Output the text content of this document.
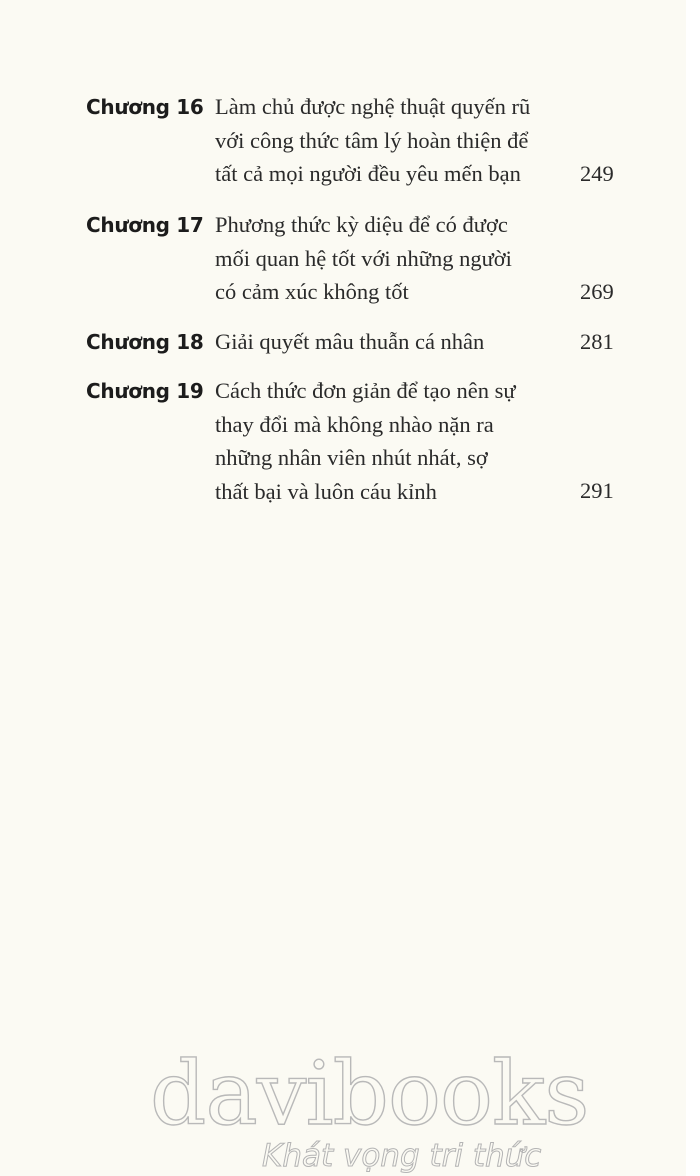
Chương 16 Làm chủ được nghệ thuật quyến rũ
với công thức tâm lý hoàn thiện để
tất cả mọi người đều yêu mến bạn	249
Chương 17 Phương thức kỳ diệu để có được
mối quan hệ tốt với những người
có cảm xúc không tốt	269
Chương 18 Giải quyết mâu thuẫn cá nhân	281
Chương 19 Cách thức đơn giản để tạo nên sự
thay đổi mà không nhào nặn ra
những nhân viên nhút nhát, sợ
thất bại và luôn cáu kỉnh	291
davibooks
Khát vọng tri thức
